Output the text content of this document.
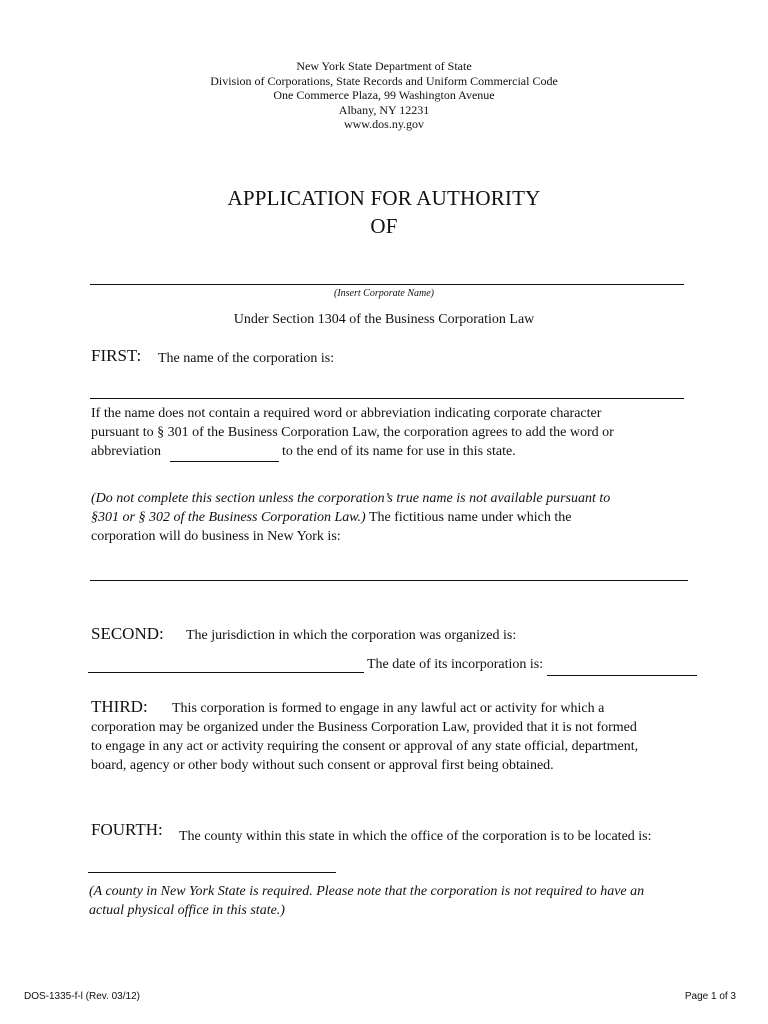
New York State Department of State
Division of Corporations, State Records and Uniform Commercial Code
One Commerce Plaza, 99 Washington Avenue
Albany, NY 12231
www.dos.ny.gov
APPLICATION FOR AUTHORITY
OF
(Insert Corporate Name)
Under Section 1304 of the Business Corporation Law
FIRST: The name of the corporation is:
If the name does not contain a required word or abbreviation indicating corporate character
pursuant to § 301 of the Business Corporation Law, the corporation agrees to add the word or
abbreviation	to the end of its name for use in this state.
(Do not complete this section unless the corporation’s true name is not available pursuant to
§301 or § 302 of the Business Corporation Law.) The fictitious name under which the
corporation will do business in New York is:
SECOND: The jurisdiction in which the corporation was organized is:
The date of its incorporation is:
THIRD: This corporation is formed to engage in any lawful act or activity for which a
corporation may be organized under the Business Corporation Law, provided that it is not formed
to engage in any act or activity requiring the consent or approval of any state official, department,
board, agency or other body without such consent or approval first being obtained.
FOURTH: The county within this state in which the office of the corporation is to be located is:
(A county in New York State is required. Please note that the corporation is not required to have an
actual physical office in this state.)
DOS-1335-f-l (Rev. 03/12)	Page 1 of 3
